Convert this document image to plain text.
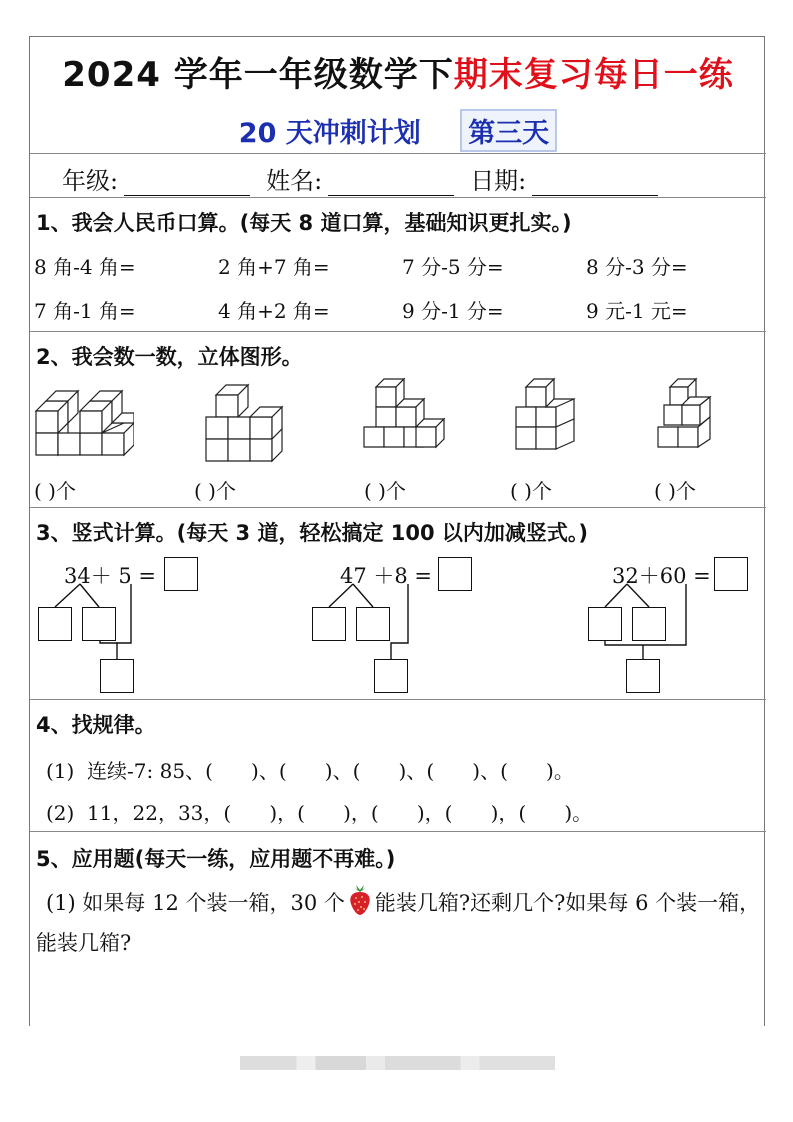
2024 学年一年级数学下期末复习每日一练
20 天冲刺计划 第三天
年级:	姓名:	日期:
1、我会人民币口算。(每天 8 道口算，基础知识更扎实。)
8 角-4 角=	2 角+7 角=	7 分-5 分=	8 分-3 分=
7 角-1 角=	4 角+2 角=	9 分-1 分=	9 元-1 元=
2、我会数一数，立体图形。
( )个	( )个	( )个	( )个	( )个
3、竖式计算。(每天 3 道，轻松搞定 100 以内加减竖式。)
34＋ 5 =	47 ＋8 =	32＋60 =
4、找规律。
(1)  连续-7: 85、(      )、(      )、(      )、(      )、(      )。
(2)  11，22，33，(      )，(      )，(      )，(      )，(      )。
5、应用题(每天一练，应用题不再难。)
(1) 如果每 12 个装一箱，30 个 能装几箱?还剩几个?如果每 6 个装一箱，能装几箱?
